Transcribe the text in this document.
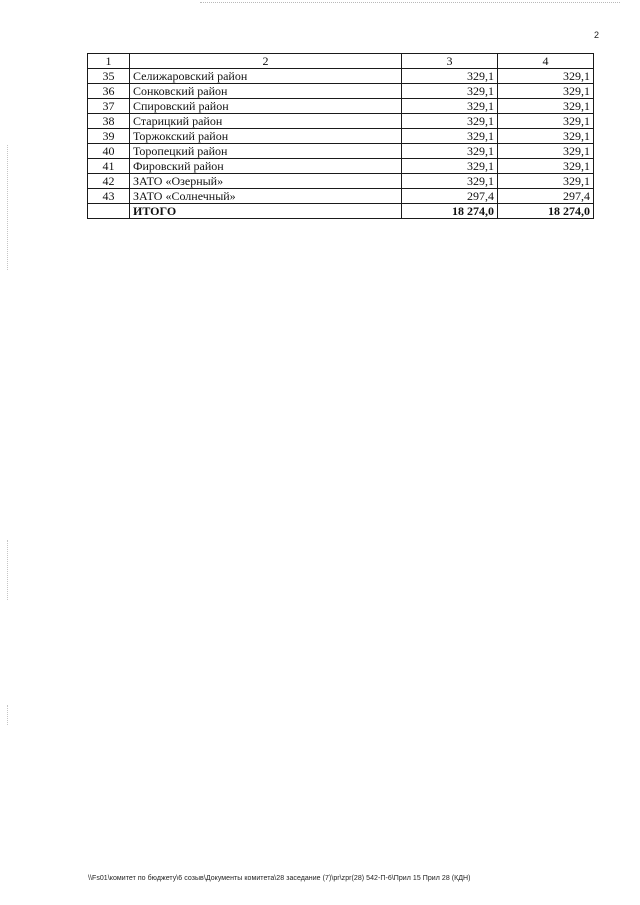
2
1	2	3	4
35	Селижаровский район	329,1	329,1
36	Сонковский район	329,1	329,1
37	Спировский район	329,1	329,1
38	Старицкий район	329,1	329,1
39	Торжокский район	329,1	329,1
40	Торопецкий район	329,1	329,1
41	Фировский район	329,1	329,1
42	ЗАТО «Озерный»	329,1	329,1
43	ЗАТО «Солнечный»	297,4	297,4
	ИТОГО	18 274,0	18 274,0
\\Fs01\комитет по бюджету\6 созыв\Документы комитета\28 заседание (7)\pr\zpr(28) 542-П-6\Прил 15 Прил 28 (КДН)
